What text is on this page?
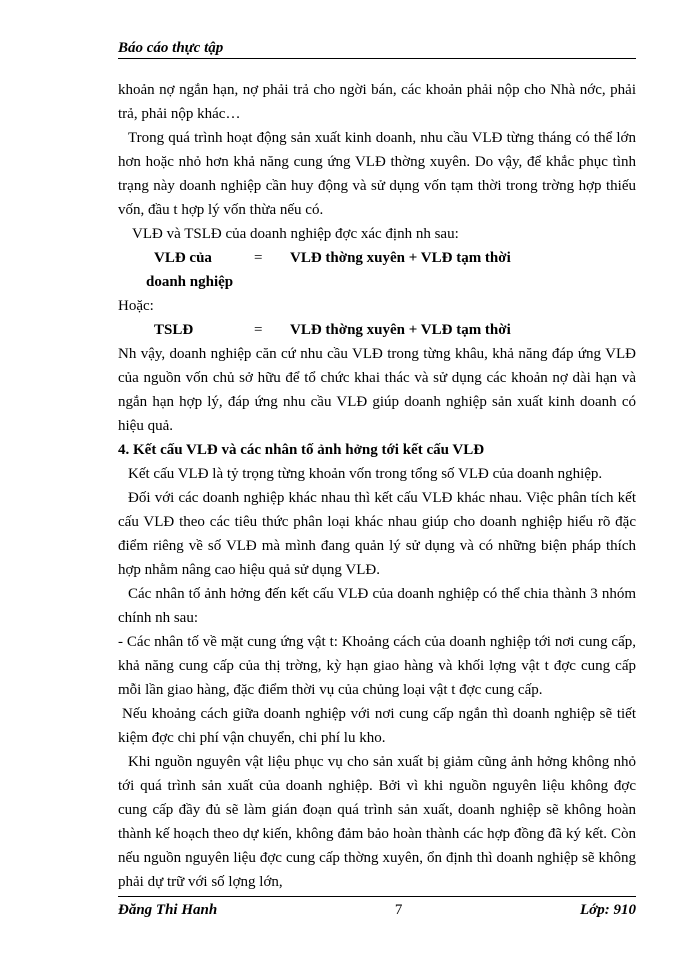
Báo cáo thực tập

khoản nợ ngắn hạn, nợ phải trả cho ngời bán, các khoản phải nộp cho Nhà nớc, phải trả, phải nộp khác…

Trong quá trình hoạt động sản xuất kinh doanh, nhu cầu VLĐ từng tháng có thể lớn hơn hoặc nhỏ hơn khả năng cung ứng VLĐ thờng xuyên. Do vậy, để khắc phục tình trạng này doanh nghiệp cần huy động và sử dụng vốn tạm thời trong trờng hợp thiếu vốn, đầu t hợp lý vốn thừa nếu có.

VLĐ và TSLĐ của doanh nghiệp đợc xác định nh sau:

VLĐ của	=	VLĐ thờng xuyên + VLĐ tạm thời
doanh nghiệp

Hoặc:

TSLĐ	=	VLĐ thờng xuyên + VLĐ tạm thời

Nh vậy, doanh nghiệp căn cứ nhu cầu VLĐ trong từng khâu, khả năng đáp ứng VLĐ của nguồn vốn chủ sở hữu để tổ chức khai thác và sử dụng các khoản nợ dài hạn và ngắn hạn hợp lý, đáp ứng nhu cầu VLĐ giúp doanh nghiệp sản xuất kinh doanh có hiệu quả.

4. Kết cấu VLĐ và các nhân tố ảnh hởng tới kết cấu VLĐ

Kết cấu VLĐ là tỷ trọng từng khoản vốn trong tổng số VLĐ của doanh nghiệp.

Đối với các doanh nghiệp khác nhau thì kết cấu VLĐ khác nhau. Việc phân tích kết cấu VLĐ theo các tiêu thức phân loại khác nhau giúp cho doanh nghiệp hiểu rõ đặc điểm riêng về số VLĐ mà mình đang quản lý sử dụng và có những biện pháp thích hợp nhằm nâng cao hiệu quả sử dụng VLĐ.

Các nhân tố ảnh hởng đến kết cấu VLĐ của doanh nghiệp có thể chia thành 3 nhóm chính nh sau:

- Các nhân tố về mặt cung ứng vật t: Khoảng cách của doanh nghiệp tới nơi cung cấp, khả năng cung cấp của thị trờng, kỳ hạn giao hàng và khối lợng vật t đợc cung cấp mỗi lần giao hàng, đặc điểm thời vụ của chủng loại vật t đợc cung cấp.

Nếu khoảng cách giữa doanh nghiệp với nơi cung cấp ngắn thì doanh nghiệp sẽ tiết kiệm đợc chi phí vận chuyển, chi phí lu kho.

Khi nguồn nguyên vật liệu phục vụ cho sản xuất bị giảm cũng ảnh hởng không nhỏ tới quá trình sản xuất của doanh nghiệp. Bởi vì khi nguồn nguyên liệu không đợc cung cấp đầy đủ sẽ làm gián đoạn quá trình sản xuất, doanh nghiệp sẽ không hoàn thành kế hoạch theo dự kiến, không đảm bảo hoàn thành các hợp đồng đã ký kết. Còn nếu nguồn nguyên liệu đợc cung cấp thờng xuyên, ổn định thì doanh nghiệp sẽ không phải dự trữ với số lợng lớn,

Đăng Thi Hanh	7	Lớp: 910
